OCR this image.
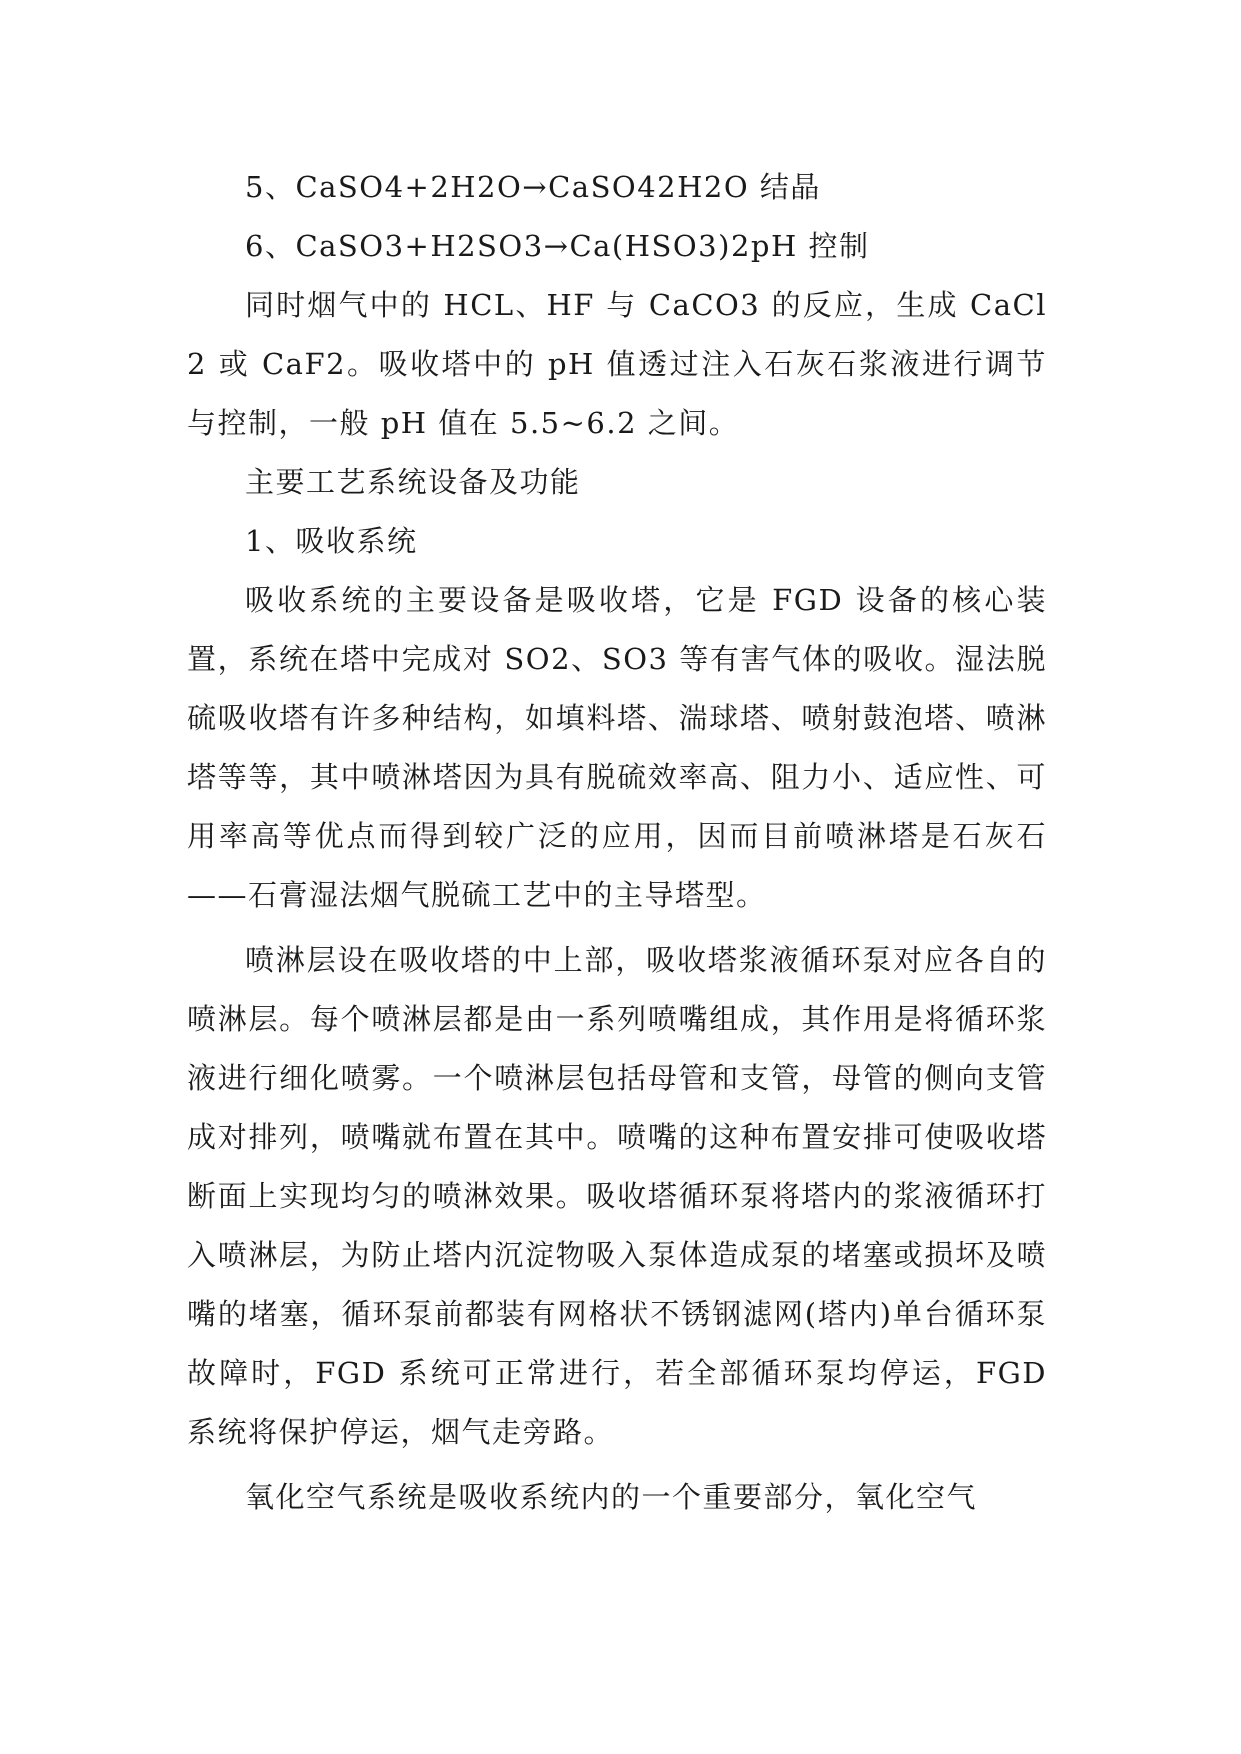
5、CaSO4+2H2O→CaSO42H2O 结晶

6、CaSO3+H2SO3→Ca(HSO3)2pH 控制

同时烟气中的 HCL、HF 与 CaCO3 的反应，生成 CaCl2 或 CaF2。吸收塔中的 pH 值透过注入石灰石浆液进行调节与控制，一般 pH 值在 5.5~6.2 之间。

主要工艺系统设备及功能

1、吸收系统

吸收系统的主要设备是吸收塔，它是 FGD 设备的核心装置，系统在塔中完成对 SO2、SO3 等有害气体的吸收。湿法脱硫吸收塔有许多种结构，如填料塔、湍球塔、喷射鼓泡塔、喷淋塔等等，其中喷淋塔因为具有脱硫效率高、阻力小、适应性、可用率高等优点而得到较广泛的应用，因而目前喷淋塔是石灰石——石膏湿法烟气脱硫工艺中的主导塔型。

喷淋层设在吸收塔的中上部，吸收塔浆液循环泵对应各自的喷淋层。每个喷淋层都是由一系列喷嘴组成，其作用是将循环浆液进行细化喷雾。一个喷淋层包括母管和支管，母管的侧向支管成对排列，喷嘴就布置在其中。喷嘴的这种布置安排可使吸收塔断面上实现均匀的喷淋效果。吸收塔循环泵将塔内的浆液循环打入喷淋层，为防止塔内沉淀物吸入泵体造成泵的堵塞或损坏及喷嘴的堵塞，循环泵前都装有网格状不锈钢滤网(塔内)单台循环泵故障时，FGD 系统可正常进行，若全部循环泵均停运，FGD 系统将保护停运，烟气走旁路。

氧化空气系统是吸收系统内的一个重要部分，氧化空气
